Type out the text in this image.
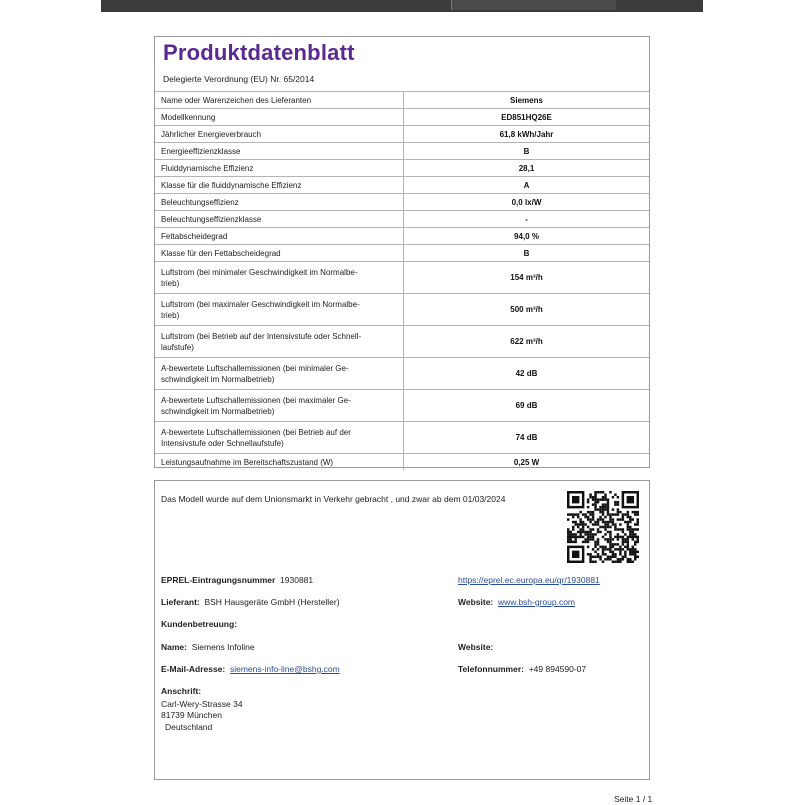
Produktdatenblatt
Delegierte Verordnung (EU) Nr. 65/2014
Name oder Warenzeichen des Lieferanten	Siemens
Modellkennung	ED851HQ26E
Jährlicher Energieverbrauch	61,8 kWh/Jahr
Energieeffizienzklasse	B
Fluiddynamische Effizienz	28,1
Klasse für die fluiddynamische Effizienz	A
Beleuchtungseffizienz	0,0 lx/W
Beleuchtungseffizienzklasse	-
Fettabscheidegrad	94,0 %
Klasse für den Fettabscheidegrad	B
Luftstrom (bei minimaler Geschwindigkeit im Normalbe-
trieb)	154 m³/h
Luftstrom (bei maximaler Geschwindigkeit im Normalbe-
trieb)	500 m³/h
Luftstrom (bei Betrieb auf der Intensivstufe oder Schnell-
laufstufe)	622 m³/h
A-bewertete Luftschallemissionen (bei minimaler Ge-
schwindigkeit im Normalbetrieb)	42 dB
A-bewertete Luftschallemissionen (bei maximaler Ge-
schwindigkeit im Normalbetrieb)	69 dB
A-bewertete Luftschallemissionen (bei Betrieb auf der
Intensivstufe oder Schnellaufstufe)	74 dB
Leistungsaufnahme im Bereitschaftszustand (W)	0,25 W
Das Modell wurde auf dem Unionsmarkt in Verkehr gebracht , und zwar ab dem 01/03/2024
EPREL-Eintragungsnummer 1930881	https://eprel.ec.europa.eu/qr/1930881
Lieferant: BSH Hausgeräte GmbH (Hersteller)	Website: www.bsh-group.com
Kundenbetreuung:
Name: Siemens Infoline	Website:
E-Mail-Adresse: siemens-info-line@bshg.com	Telefonnummer: +49 894590-07
Anschrift:
Carl-Wery-Strasse 34
81739 München
Deutschland
Seite 1 / 1
